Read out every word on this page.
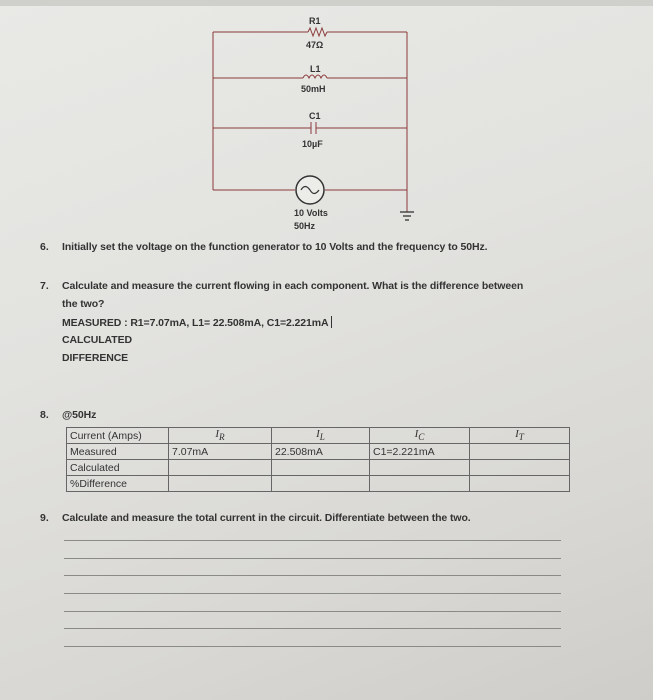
R1
47Ω
L1
50mH
C1
10µF
10 Volts
50Hz
6. Initially set the voltage on the function generator to 10 Volts and the frequency to 50Hz.
7. Calculate and measure the current flowing in each component. What is the difference between
the two?
MEASURED : R1=7.07mA, L1= 22.508mA, C1=2.221mA
CALCULATED
DIFFERENCE
8. @50Hz
Current (Amps)	$I_R$	$I_L$	$I_C$	$I_T$
Measured	7.07mA	22.508mA	C1=2.221mA	
Calculated				
%Difference				
9. Calculate and measure the total current in the circuit. Differentiate between the two.
